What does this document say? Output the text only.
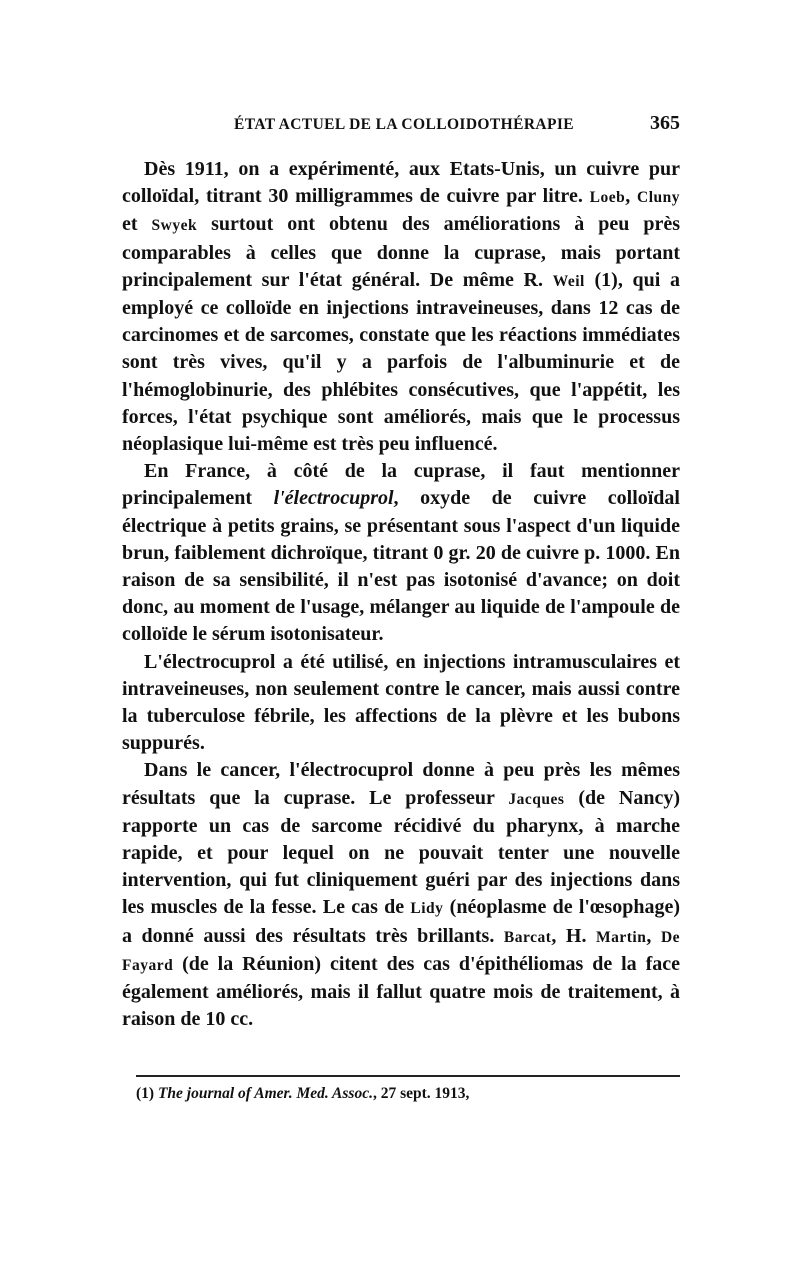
ÉTAT ACTUEL DE LA COLLOIDOTHÉRAPIE	365

Dès 1911, on a expérimenté, aux Etats-Unis, un cuivre pur colloïdal, titrant 30 milligrammes de cuivre par litre. Loeb, Cluny et Swyek surtout ont obtenu des améliorations à peu près comparables à celles que donne la cuprase, mais portant principalement sur l'état général. De même R. Weil (1), qui a employé ce colloïde en injections intraveineuses, dans 12 cas de carcinomes et de sarcomes, constate que les réactions immédiates sont très vives, qu'il y a parfois de l'albuminurie et de l'hémoglobinurie, des phlébites consécutives, que l'appétit, les forces, l'état psychique sont améliorés, mais que le processus néoplasique lui-même est très peu influencé.

En France, à côté de la cuprase, il faut mentionner principalement l'électrocuprol, oxyde de cuivre colloïdal électrique à petits grains, se présentant sous l'aspect d'un liquide brun, faiblement dichroïque, titrant 0 gr. 20 de cuivre p. 1000. En raison de sa sensibilité, il n'est pas isotonisé d'avance; on doit donc, au moment de l'usage, mélanger au liquide de l'ampoule de colloïde le sérum isotonisateur.

L'électrocuprol a été utilisé, en injections intramusculaires et intraveineuses, non seulement contre le cancer, mais aussi contre la tuberculose fébrile, les affections de la plèvre et les bubons suppurés.

Dans le cancer, l'électrocuprol donne à peu près les mêmes résultats que la cuprase. Le professeur Jacques (de Nancy) rapporte un cas de sarcome récidivé du pharynx, à marche rapide, et pour lequel on ne pouvait tenter une nouvelle intervention, qui fut cliniquement guéri par des injections dans les muscles de la fesse. Le cas de Lidy (néoplasme de l'œsophage) a donné aussi des résultats très brillants. Barcat, H. Martin, De Fayard (de la Réunion) citent des cas d'épithéliomas de la face également améliorés, mais il fallut quatre mois de traitement, à raison de 10 cc.

(1) The journal of Amer. Med. Assoc., 27 sept. 1913,
